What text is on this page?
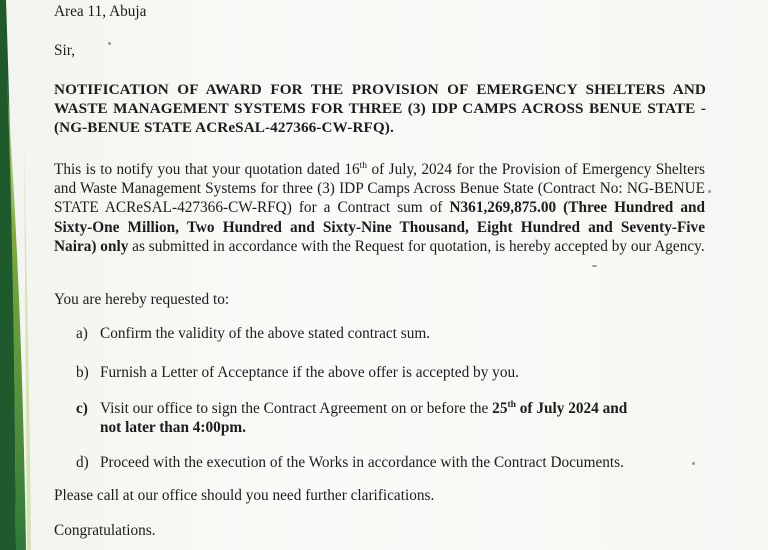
Area 11, Abuja
Sir,
NOTIFICATION OF AWARD FOR THE PROVISION OF EMERGENCY SHELTERS AND WASTE MANAGEMENT SYSTEMS FOR THREE (3) IDP CAMPS ACROSS BENUE STATE - (NG-BENUE STATE ACReSAL-427366-CW-RFQ).
This is to notify you that your quotation dated 16th of July, 2024 for the Provision of Emergency Shelters and Waste Management Systems for three (3) IDP Camps Across Benue State (Contract No: NG-BENUE STATE ACReSAL-427366-CW-RFQ) for a Contract sum of N361,269,875.00 (Three Hundred and Sixty-One Million, Two Hundred and Sixty-Nine Thousand, Eight Hundred and Seventy-Five Naira) only as submitted in accordance with the Request for quotation, is hereby accepted by our Agency.
You are hereby requested to:
a) Confirm the validity of the above stated contract sum.
b) Furnish a Letter of Acceptance if the above offer is accepted by you.
c) Visit our office to sign the Contract Agreement on or before the 25th of July 2024 and
not later than 4:00pm.
d) Proceed with the execution of the Works in accordance with the Contract Documents.
Please call at our office should you need further clarifications.
Congratulations.
